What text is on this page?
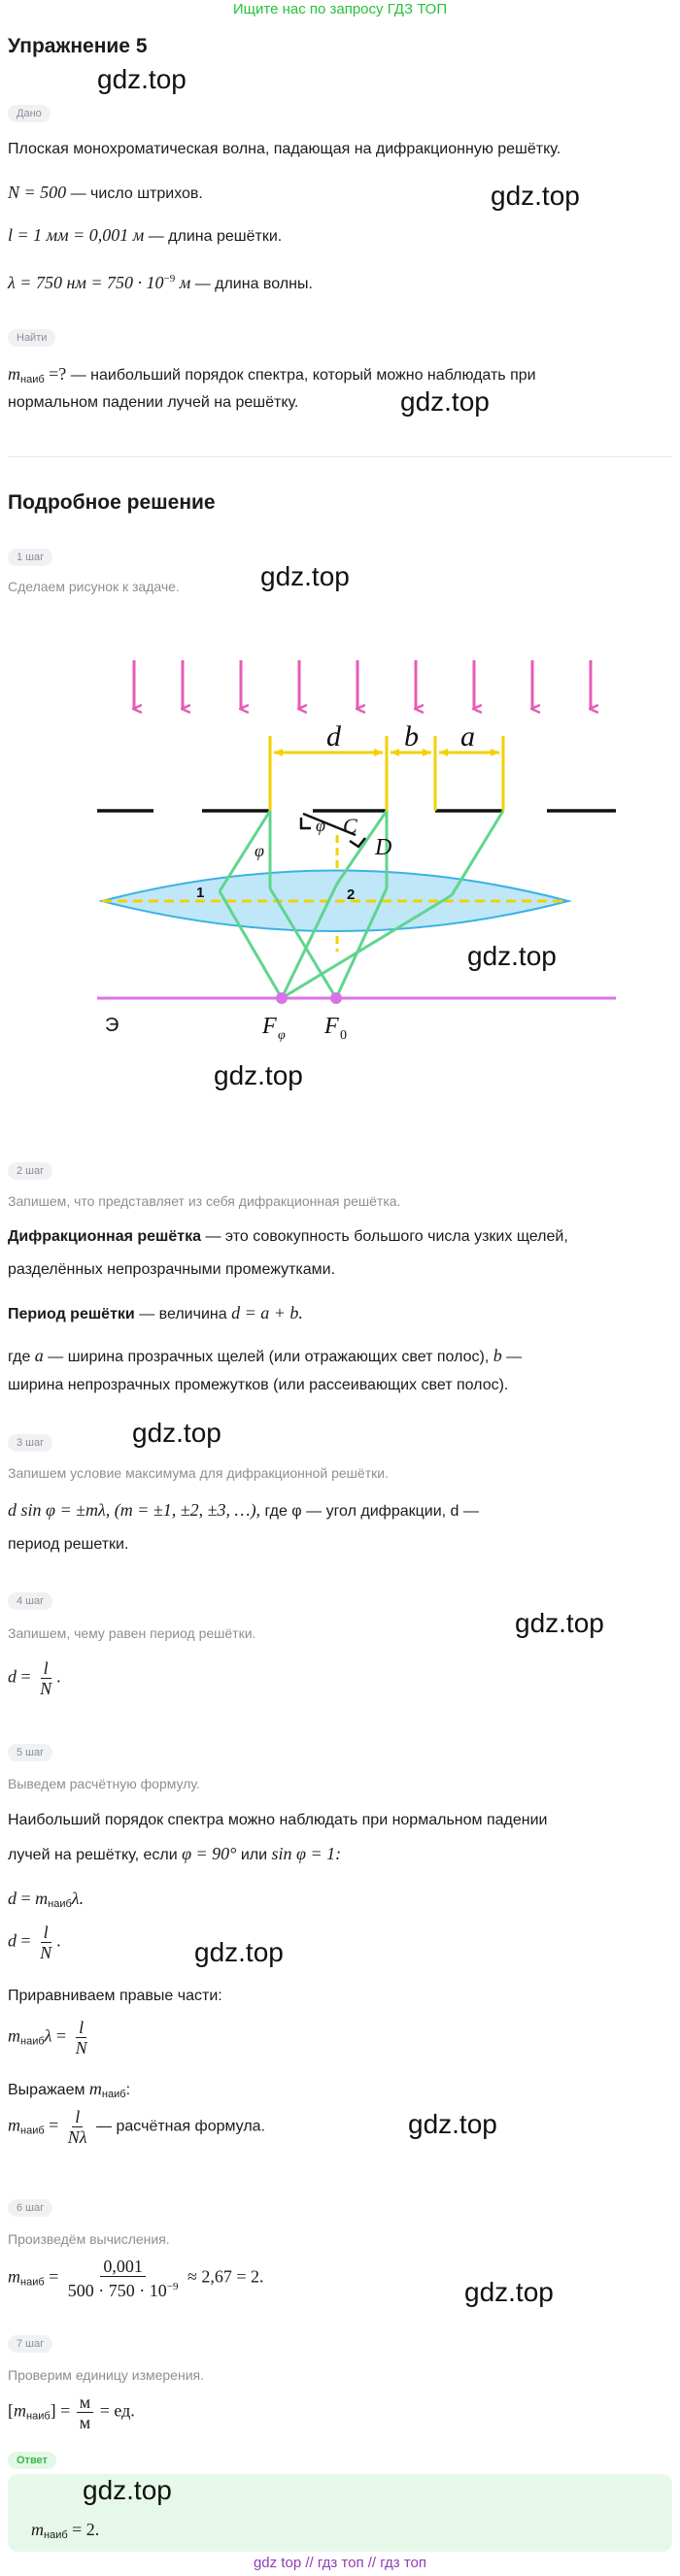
Ищите нас по запросу ГДЗ ТОП
Упражнение 5
gdz.top
Дано
Плоская монохроматическая волна, падающая на дифракционную решётку.
N = 500 — число штрихов.	gdz.top
l = 1 мм = 0,001 м — длина решётки.
λ = 750 нм = $750 \cdot 10^{-9}$ м — длина волны.
Найти
$m_{наиб}$ =? — наибольший порядок спектра, который можно наблюдать при
нормальном падении лучей на решётку.	gdz.top
Подробное решение
1 шаг
Сделаем рисунок к задаче.	gdz.top
d b a
C
D
φ
φ
1	2
Э	F φ F 0
gdz.top
gdz.top
2 шаг
Запишем, что представляет из себя дифракционная решётка.
Дифракционная решётка — это совокупность большого числа узких щелей,
разделённых непрозрачными промежутками.
Период решётки — величина d = a + b.
где a — ширина прозрачных щелей (или отражающих свет полос), b —
ширина непрозрачных промежутков (или рассеивающих свет полос).
3 шаг	gdz.top
Запишем условие максимума для дифракционной решётки.
d sin φ = ±mλ, (m = ±1, ±2, ±3, …), где φ — угол дифракции, d —
период решетки.
4 шаг
gdz.top
Запишем, чему равен период решётки.
$d = \frac{l}{N}$ .
5 шаг
Выведем расчётную формулу.
Наибольший порядок спектра можно наблюдать при нормальном падении
лучей на решётку, если φ = 90° или sin φ = 1:
$d = m_{наиб}\lambda$.
$d = \frac{l}{N}$ .	gdz.top
Приравниваем правые части:
$m_{наиб}\lambda = \frac{l}{N}$
Выражаем $m_{наиб}$:
$m_{наиб} = \frac{l}{N\lambda}$ — расчётная формула.	gdz.top
6 шаг
Произведём вычисления.
$m_{наиб} = \frac{0,001}{500 \cdot 750 \cdot 10^{-9}} \approx 2,67 = 2$.
gdz.top
7 шаг
Проверим единицу измерения.
$[m_{наиб}] = \frac{м}{м}$ = ед.
Ответ
gdz.top
$m_{наиб} = 2$.
gdz top // гдз топ // гдз топ
